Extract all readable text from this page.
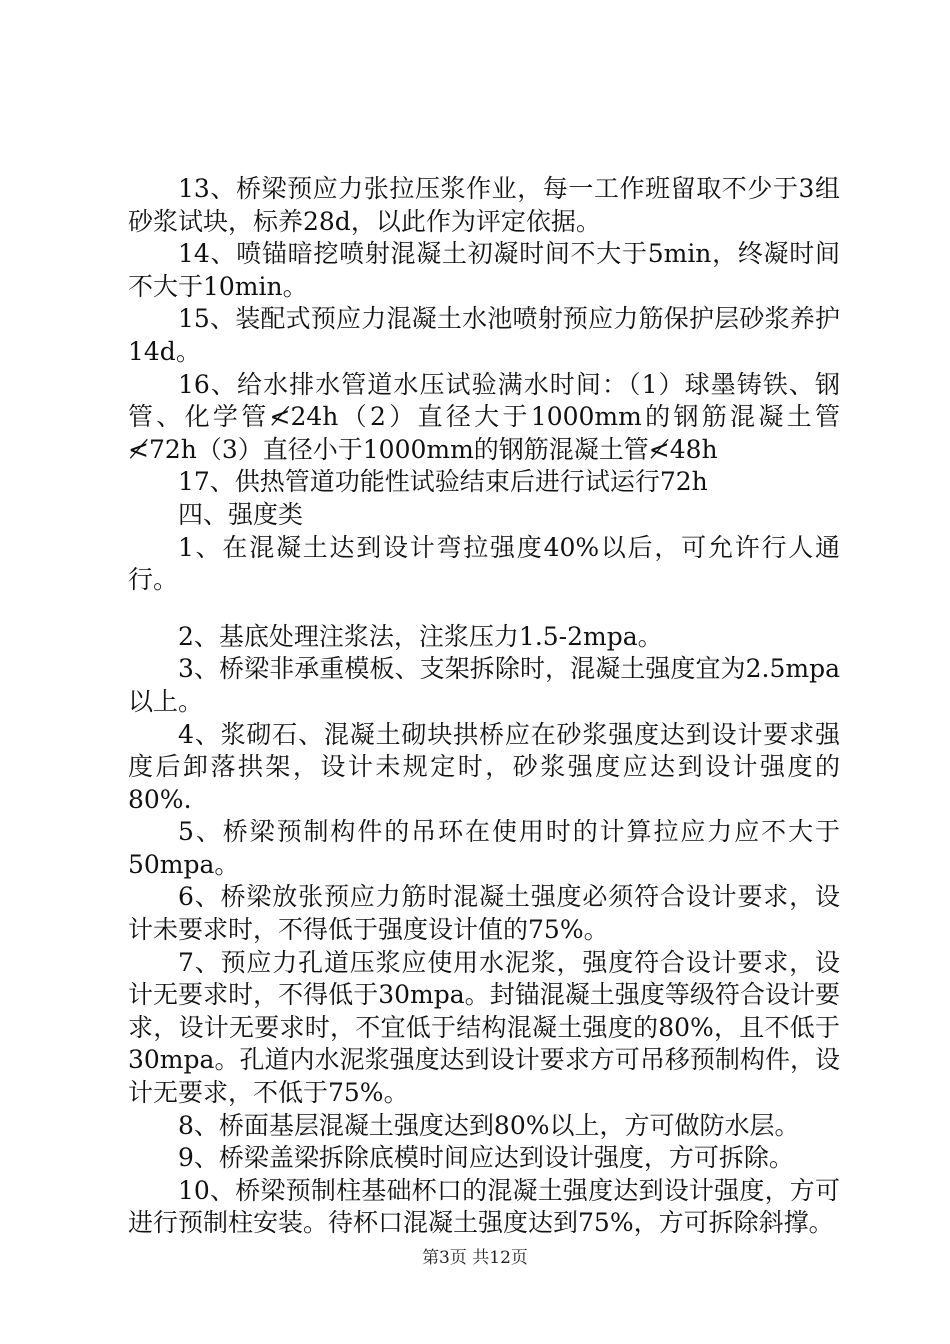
13、桥梁预应力张拉压浆作业，每一工作班留取不少于3组砂浆试块，标养28d，以此作为评定依据。

14、喷锚暗挖喷射混凝土初凝时间不大于5min，终凝时间不大于10min。

15、装配式预应力混凝土水池喷射预应力筋保护层砂浆养护14d。

16、给水排水管道水压试验满水时间：（1）球墨铸铁、钢管、化学管≮24h（2）直径大于1000mm的钢筋混凝土管≮72h（3）直径小于1000mm的钢筋混凝土管≮48h

17、供热管道功能性试验结束后进行试运行72h

四、强度类

1、在混凝土达到设计弯拉强度40%以后，可允许行人通行。

2、基底处理注浆法，注浆压力1.5-2mpa。

3、桥梁非承重模板、支架拆除时，混凝土强度宜为2.5mpa以上。

4、浆砌石、混凝土砌块拱桥应在砂浆强度达到设计要求强度后卸落拱架，设计未规定时，砂浆强度应达到设计强度的80%.

5、桥梁预制构件的吊环在使用时的计算拉应力应不大于50mpa。

6、桥梁放张预应力筋时混凝土强度必须符合设计要求，设计未要求时，不得低于强度设计值的75%。

7、预应力孔道压浆应使用水泥浆，强度符合设计要求，设计无要求时，不得低于30mpa。封锚混凝土强度等级符合设计要求，设计无要求时，不宜低于结构混凝土强度的80%，且不低于30mpa。孔道内水泥浆强度达到设计要求方可吊移预制构件，设计无要求，不低于75%。

8、桥面基层混凝土强度达到80%以上，方可做防水层。

9、桥梁盖梁拆除底模时间应达到设计强度，方可拆除。

10、桥梁预制柱基础杯口的混凝土强度达到设计强度，方可进行预制柱安装。待杯口混凝土强度达到75%，方可拆除斜撑。

第3页 共12页
